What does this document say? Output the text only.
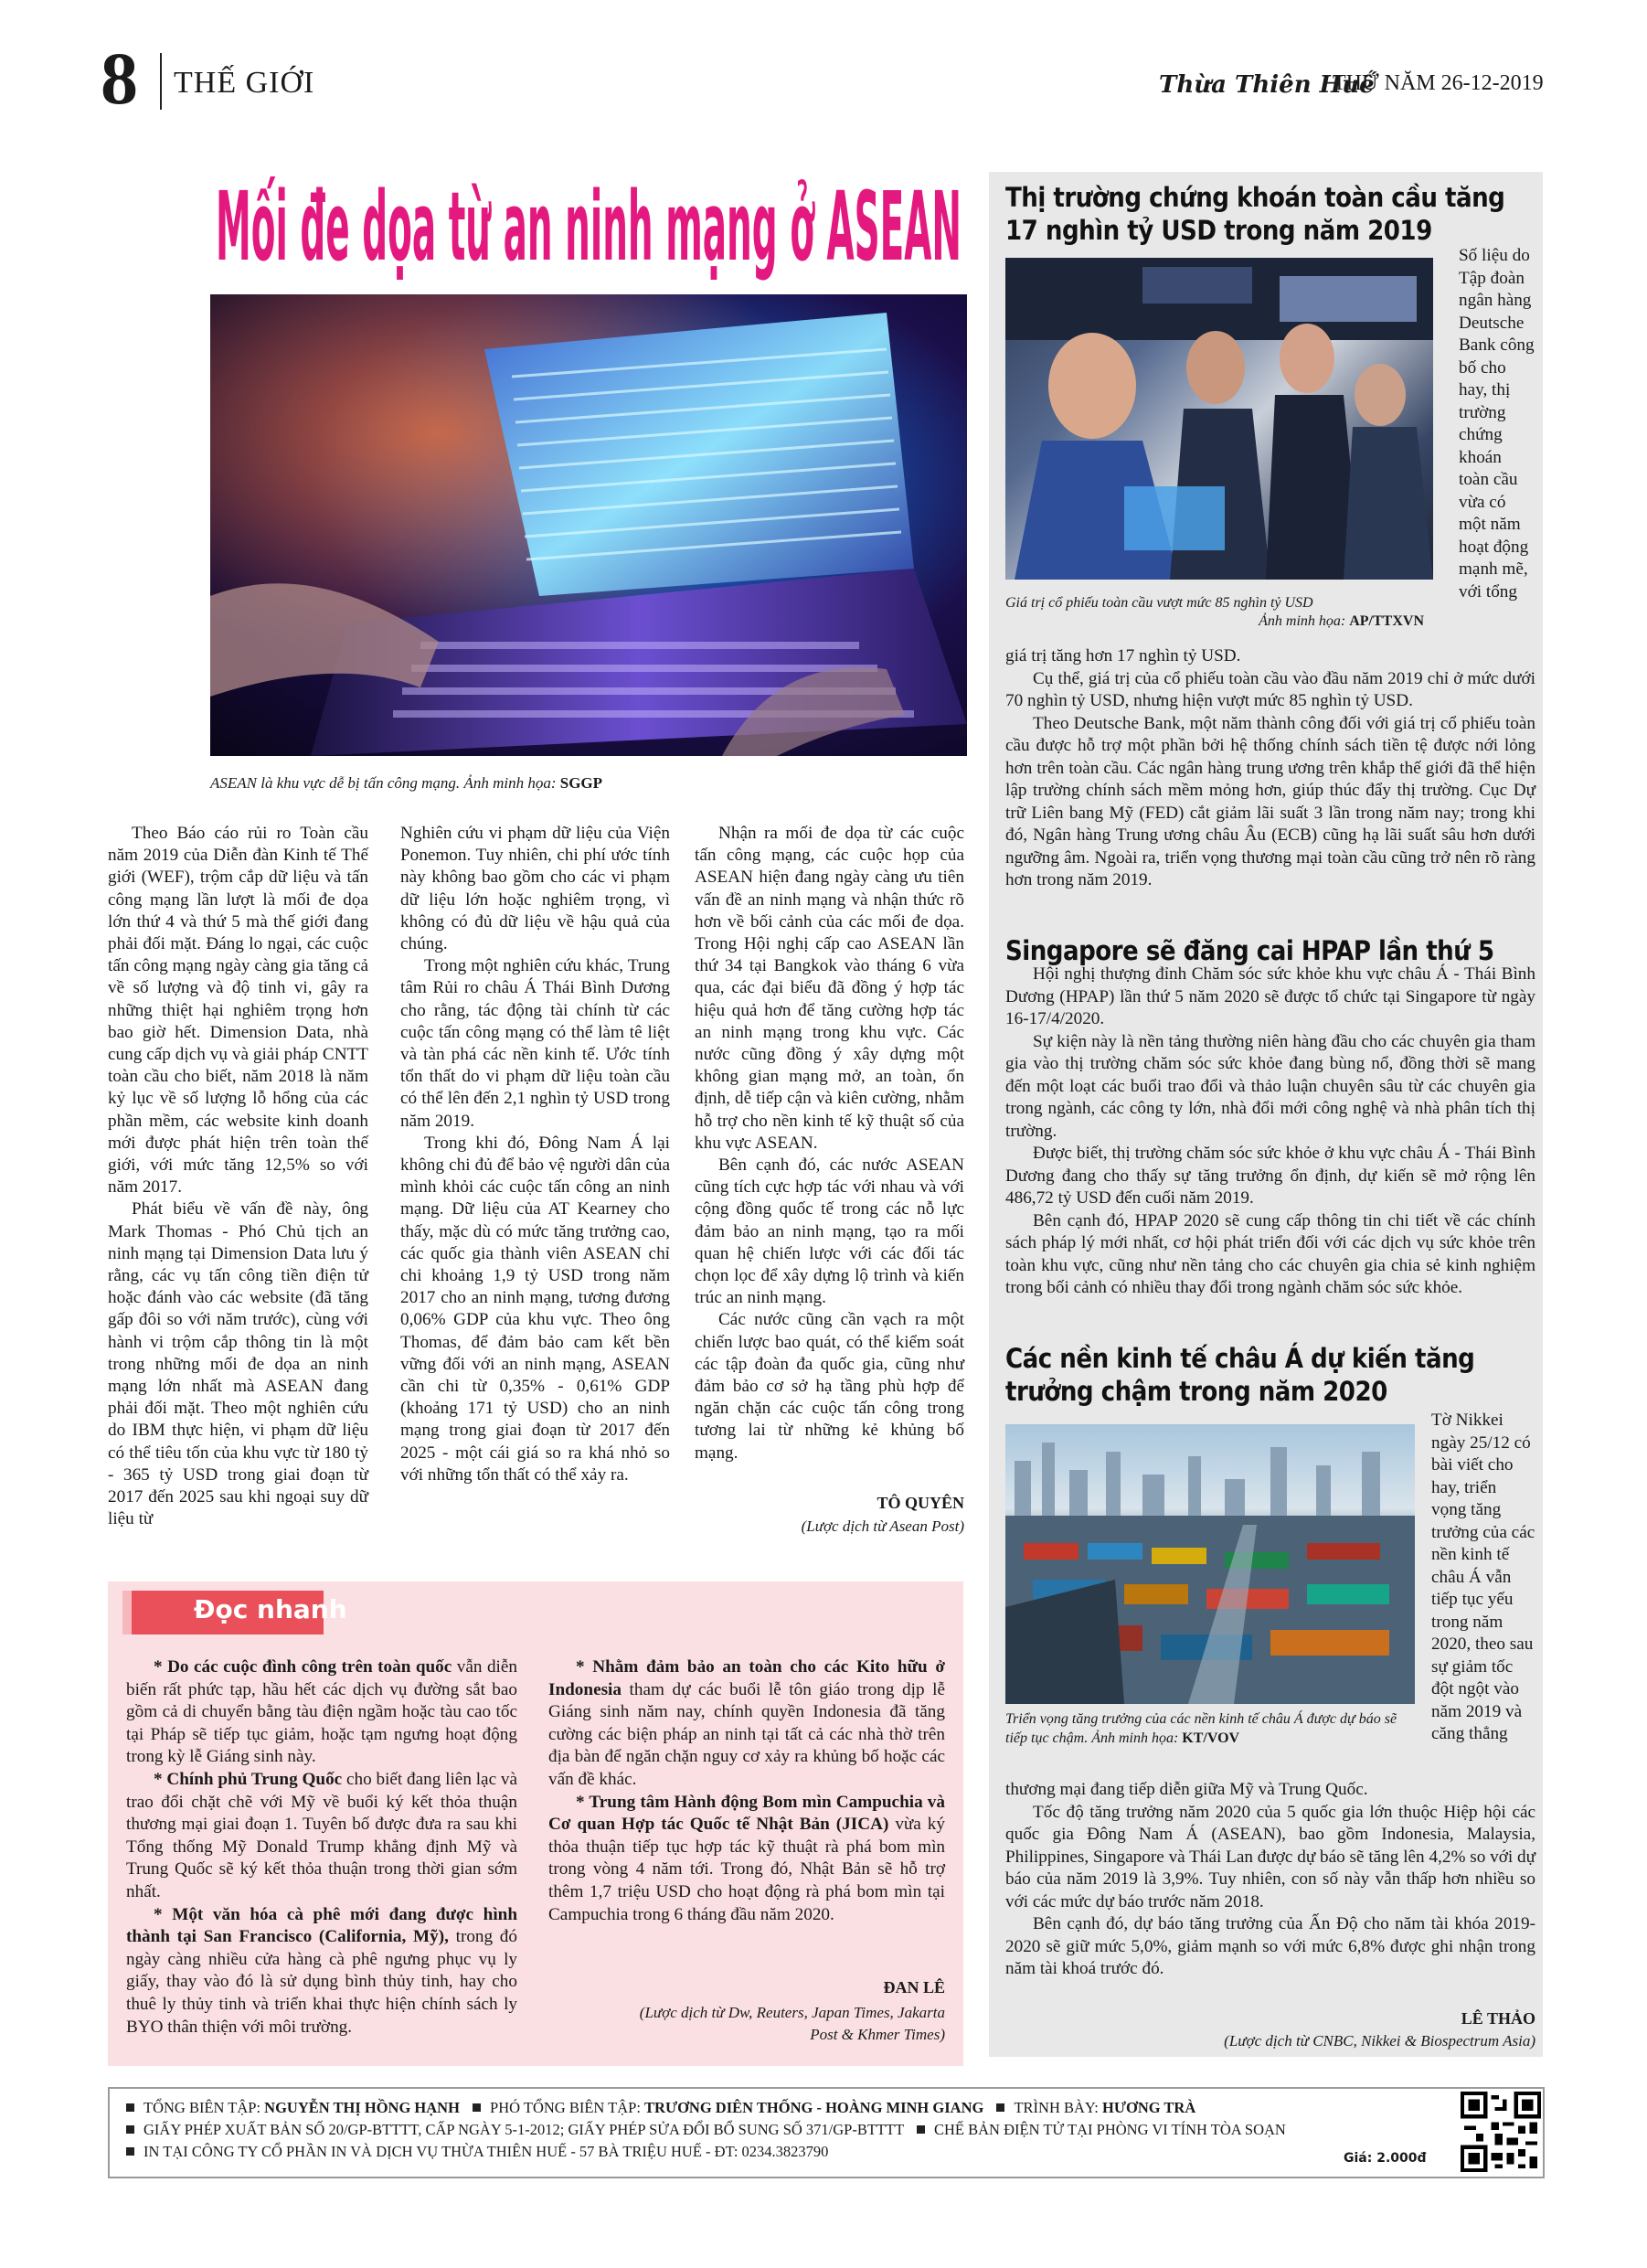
8 THẾ GIỚI	Thừa Thiên Huế
THỨ NĂM 26-12-2019
Mối đe dọa từ an ninh mạng ở ASEAN
ASEAN là khu vực dễ bị tấn công mạng. Ảnh minh họa: SGGP

Theo Báo cáo rủi ro Toàn cầu năm 2019 của Diễn đàn Kinh tế Thế giới (WEF), trộm cắp dữ liệu và tấn công mạng lần lượt là mối đe dọa lớn thứ 4 và thứ 5 mà thế giới đang phải đối mặt. Đáng lo ngại, các cuộc tấn công mạng ngày càng gia tăng cả về số lượng và độ tinh vi, gây ra những thiệt hại nghiêm trọng hơn bao giờ hết. Dimension Data, nhà cung cấp dịch vụ và giải pháp CNTT toàn cầu cho biết, năm 2018 là năm kỷ lục về số lượng lỗ hổng của các phần mềm, các website kinh doanh mới được phát hiện trên toàn thế giới, với mức tăng 12,5% so với năm 2017.

Phát biểu về vấn đề này, ông Mark Thomas - Phó Chủ tịch an ninh mạng tại Dimension Data lưu ý rằng, các vụ tấn công tiền điện tử hoặc đánh vào các website (đã tăng gấp đôi so với năm trước), cùng với hành vi trộm cắp thông tin là một trong những mối đe dọa an ninh mạng lớn nhất mà ASEAN đang phải đối mặt. Theo một nghiên cứu do IBM thực hiện, vi phạm dữ liệu có thể tiêu tốn của khu vực từ 180 tỷ - 365 tỷ USD trong giai đoạn từ 2017 đến 2025 sau khi ngoại suy dữ liệu từ

Nghiên cứu vi phạm dữ liệu của Viện Ponemon. Tuy nhiên, chi phí ước tính này không bao gồm cho các vi phạm dữ liệu lớn hoặc nghiêm trọng, vì không có đủ dữ liệu về hậu quả của chúng.

Trong một nghiên cứu khác, Trung tâm Rủi ro châu Á Thái Bình Dương cho rằng, tác động tài chính từ các cuộc tấn công mạng có thể làm tê liệt và tàn phá các nền kinh tế. Ước tính tổn thất do vi phạm dữ liệu toàn cầu có thể lên đến 2,1 nghìn tỷ USD trong năm 2019.

Trong khi đó, Đông Nam Á lại không chi đủ để bảo vệ người dân của mình khỏi các cuộc tấn công an ninh mạng. Dữ liệu của AT Kearney cho thấy, mặc dù có mức tăng trưởng cao, các quốc gia thành viên ASEAN chỉ chi khoảng 1,9 tỷ USD trong năm 2017 cho an ninh mạng, tương đương 0,06% GDP của khu vực. Theo ông Thomas, để đảm bảo cam kết bền vững đối với an ninh mạng, ASEAN cần chi từ 0,35% - 0,61% GDP (khoảng 171 tỷ USD) cho an ninh mạng trong giai đoạn từ 2017 đến 2025 - một cái giá so ra khá nhỏ so với những tổn thất có thể xảy ra.

Nhận ra mối đe dọa từ các cuộc tấn công mạng, các cuộc họp của ASEAN hiện đang ngày càng ưu tiên vấn đề an ninh mạng và nhận thức rõ hơn về bối cảnh của các mối đe dọa. Trong Hội nghị cấp cao ASEAN lần thứ 34 tại Bangkok vào tháng 6 vừa qua, các đại biểu đã đồng ý hợp tác hiệu quả hơn để tăng cường hợp tác an ninh mạng trong khu vực. Các nước cũng đồng ý xây dựng một không gian mạng mở, an toàn, ổn định, dễ tiếp cận và kiên cường, nhằm hỗ trợ cho nền kinh tế kỹ thuật số của khu vực ASEAN.

Bên cạnh đó, các nước ASEAN cũng tích cực hợp tác với nhau và với cộng đồng quốc tế trong các nỗ lực đảm bảo an ninh mạng, tạo ra mối quan hệ chiến lược với các đối tác chọn lọc để xây dựng lộ trình và kiến trúc an ninh mạng.

Các nước cũng cần vạch ra một chiến lược bao quát, có thể kiểm soát các tập đoàn đa quốc gia, cũng như đảm bảo cơ sở hạ tầng phù hợp để ngăn chặn các cuộc tấn công trong tương lai từ những kẻ khủng bố mạng.

TÔ QUYÊN
(Lược dịch từ Asean Post)
Thị trường chứng khoán toàn cầu tăng 17 nghìn tỷ USD trong năm 2019
Giá trị cổ phiếu toàn cầu vượt mức 85 nghìn tỷ USD
Ảnh minh họa: AP/TTXVN
Số liệu do Tập đoàn ngân hàng Deutsche Bank công bố cho hay, thị trường chứng khoán toàn cầu vừa có một năm hoạt động mạnh mẽ, với tổng

giá trị tăng hơn 17 nghìn tỷ USD.

Cụ thể, giá trị của cổ phiếu toàn cầu vào đầu năm 2019 chỉ ở mức dưới 70 nghìn tỷ USD, nhưng hiện vượt mức 85 nghìn tỷ USD.

Theo Deutsche Bank, một năm thành công đối với giá trị cổ phiếu toàn cầu được hỗ trợ một phần bởi hệ thống chính sách tiền tệ được nới lỏng hơn trên toàn cầu. Các ngân hàng trung ương trên khắp thế giới đã thể hiện lập trường chính sách mềm mỏng hơn, giúp thúc đẩy thị trường. Cục Dự trữ Liên bang Mỹ (FED) cắt giảm lãi suất 3 lần trong năm nay; trong khi đó, Ngân hàng Trung ương châu Âu (ECB) cũng hạ lãi suất sâu hơn dưới ngưỡng âm. Ngoài ra, triển vọng thương mại toàn cầu cũng trở nên rõ ràng hơn trong năm 2019.

Singapore sẽ đăng cai HPAP lần thứ 5

Hội nghị thượng đỉnh Chăm sóc sức khỏe khu vực châu Á - Thái Bình Dương (HPAP) lần thứ 5 năm 2020 sẽ được tổ chức tại Singapore từ ngày 16-17/4/2020.

Sự kiện này là nền tảng thường niên hàng đầu cho các chuyên gia tham gia vào thị trường chăm sóc sức khỏe đang bùng nổ, đồng thời sẽ mang đến một loạt các buổi trao đổi và thảo luận chuyên sâu từ các chuyên gia trong ngành, các công ty lớn, nhà đổi mới công nghệ và nhà phân tích thị trường.

Được biết, thị trường chăm sóc sức khỏe ở khu vực châu Á - Thái Bình Dương đang cho thấy sự tăng trưởng ổn định, dự kiến sẽ mở rộng lên 486,72 tỷ USD đến cuối năm 2019.

Bên cạnh đó, HPAP 2020 sẽ cung cấp thông tin chi tiết về các chính sách pháp lý mới nhất, cơ hội phát triển đối với các dịch vụ sức khỏe trên toàn khu vực, cũng như nền tảng cho các chuyên gia chia sẻ kinh nghiệm trong bối cảnh có nhiều thay đổi trong ngành chăm sóc sức khỏe.

Các nền kinh tế châu Á dự kiến tăng trưởng chậm trong năm 2020
Triển vọng tăng trưởng của các nền kinh tế châu Á được dự báo sẽ tiếp tục chậm. Ảnh minh họa: KT/VOV
Tờ Nikkei ngày 25/12 có bài viết cho hay, triển vọng tăng trưởng của các nền kinh tế châu Á vẫn tiếp tục yếu trong năm 2020, theo sau sự giảm tốc đột ngột vào năm 2019 và căng thẳng

thương mại đang tiếp diễn giữa Mỹ và Trung Quốc.

Tốc độ tăng trưởng năm 2020 của 5 quốc gia lớn thuộc Hiệp hội các quốc gia Đông Nam Á (ASEAN), bao gồm Indonesia, Malaysia, Philippines, Singapore và Thái Lan được dự báo sẽ tăng lên 4,2% so với dự báo của năm 2019 là 3,9%. Tuy nhiên, con số này vẫn thấp hơn nhiều so với các mức dự báo trước năm 2018.

Bên cạnh đó, dự báo tăng trưởng của Ấn Độ cho năm tài khóa 2019-2020 sẽ giữ mức 5,0%, giảm mạnh so với mức 6,8% được ghi nhận trong năm tài khoá trước đó.

LÊ THẢO
(Lược dịch từ CNBC, Nikkei & Biospectrum Asia)
Đọc nhanh

* Do các cuộc đình công trên toàn quốc vẫn diễn biến rất phức tạp, hầu hết các dịch vụ đường sắt bao gồm cả di chuyển bằng tàu điện ngầm hoặc tàu cao tốc tại Pháp sẽ tiếp tục giảm, hoặc tạm ngưng hoạt động trong kỳ lễ Giáng sinh này.

* Chính phủ Trung Quốc cho biết đang liên lạc và trao đổi chặt chẽ với Mỹ về buổi ký kết thỏa thuận thương mại giai đoạn 1. Tuyên bố được đưa ra sau khi Tổng thống Mỹ Donald Trump khẳng định Mỹ và Trung Quốc sẽ ký kết thỏa thuận trong thời gian sớm nhất.

* Một văn hóa cà phê mới đang được hình thành tại San Francisco (California, Mỹ), trong đó ngày càng nhiều cửa hàng cà phê ngưng phục vụ ly giấy, thay vào đó là sử dụng bình thủy tinh, hay cho thuê ly thủy tinh và triển khai thực hiện chính sách ly BYO thân thiện với môi trường.

* Nhằm đảm bảo an toàn cho các Kito hữu ở Indonesia tham dự các buổi lễ tôn giáo trong dịp lễ Giáng sinh năm nay, chính quyền Indonesia đã tăng cường các biện pháp an ninh tại tất cả các nhà thờ trên địa bàn để ngăn chặn nguy cơ xảy ra khủng bố hoặc các vấn đề khác.

* Trung tâm Hành động Bom mìn Campuchia và Cơ quan Hợp tác Quốc tế Nhật Bản (JICA) vừa ký thỏa thuận tiếp tục hợp tác kỹ thuật rà phá bom mìn trong vòng 4 năm tới. Trong đó, Nhật Bản sẽ hỗ trợ thêm 1,7 triệu USD cho hoạt động rà phá bom mìn tại Campuchia trong 6 tháng đầu năm 2020.

ĐAN LÊ
(Lược dịch từ Dw, Reuters, Japan Times, Jakarta Post & Khmer Times)
TỔNG BIÊN TẬP: NGUYỄN THỊ HỒNG HẠNH PHÓ TỔNG BIÊN TẬP: TRƯƠNG DIÊN THỐNG - HOÀNG MINH GIANG TRÌNH BÀY: HƯƠNG TRÀ
GIẤY PHÉP XUẤT BẢN SỐ 20/GP-BTTTT, CẤP NGÀY 5-1-2012; GIẤY PHÉP SỬA ĐỔI BỔ SUNG SỐ 371/GP-BTTTT CHẾ BẢN ĐIỆN TỬ TẠI PHÒNG VI TÍNH TÒA SOẠN
IN TẠI CÔNG TY CỔ PHẦN IN VÀ DỊCH VỤ THỪA THIÊN HUẾ - 57 BÀ TRIỆU HUẾ - ĐT: 0234.3823790	Giá: 2.000đ
